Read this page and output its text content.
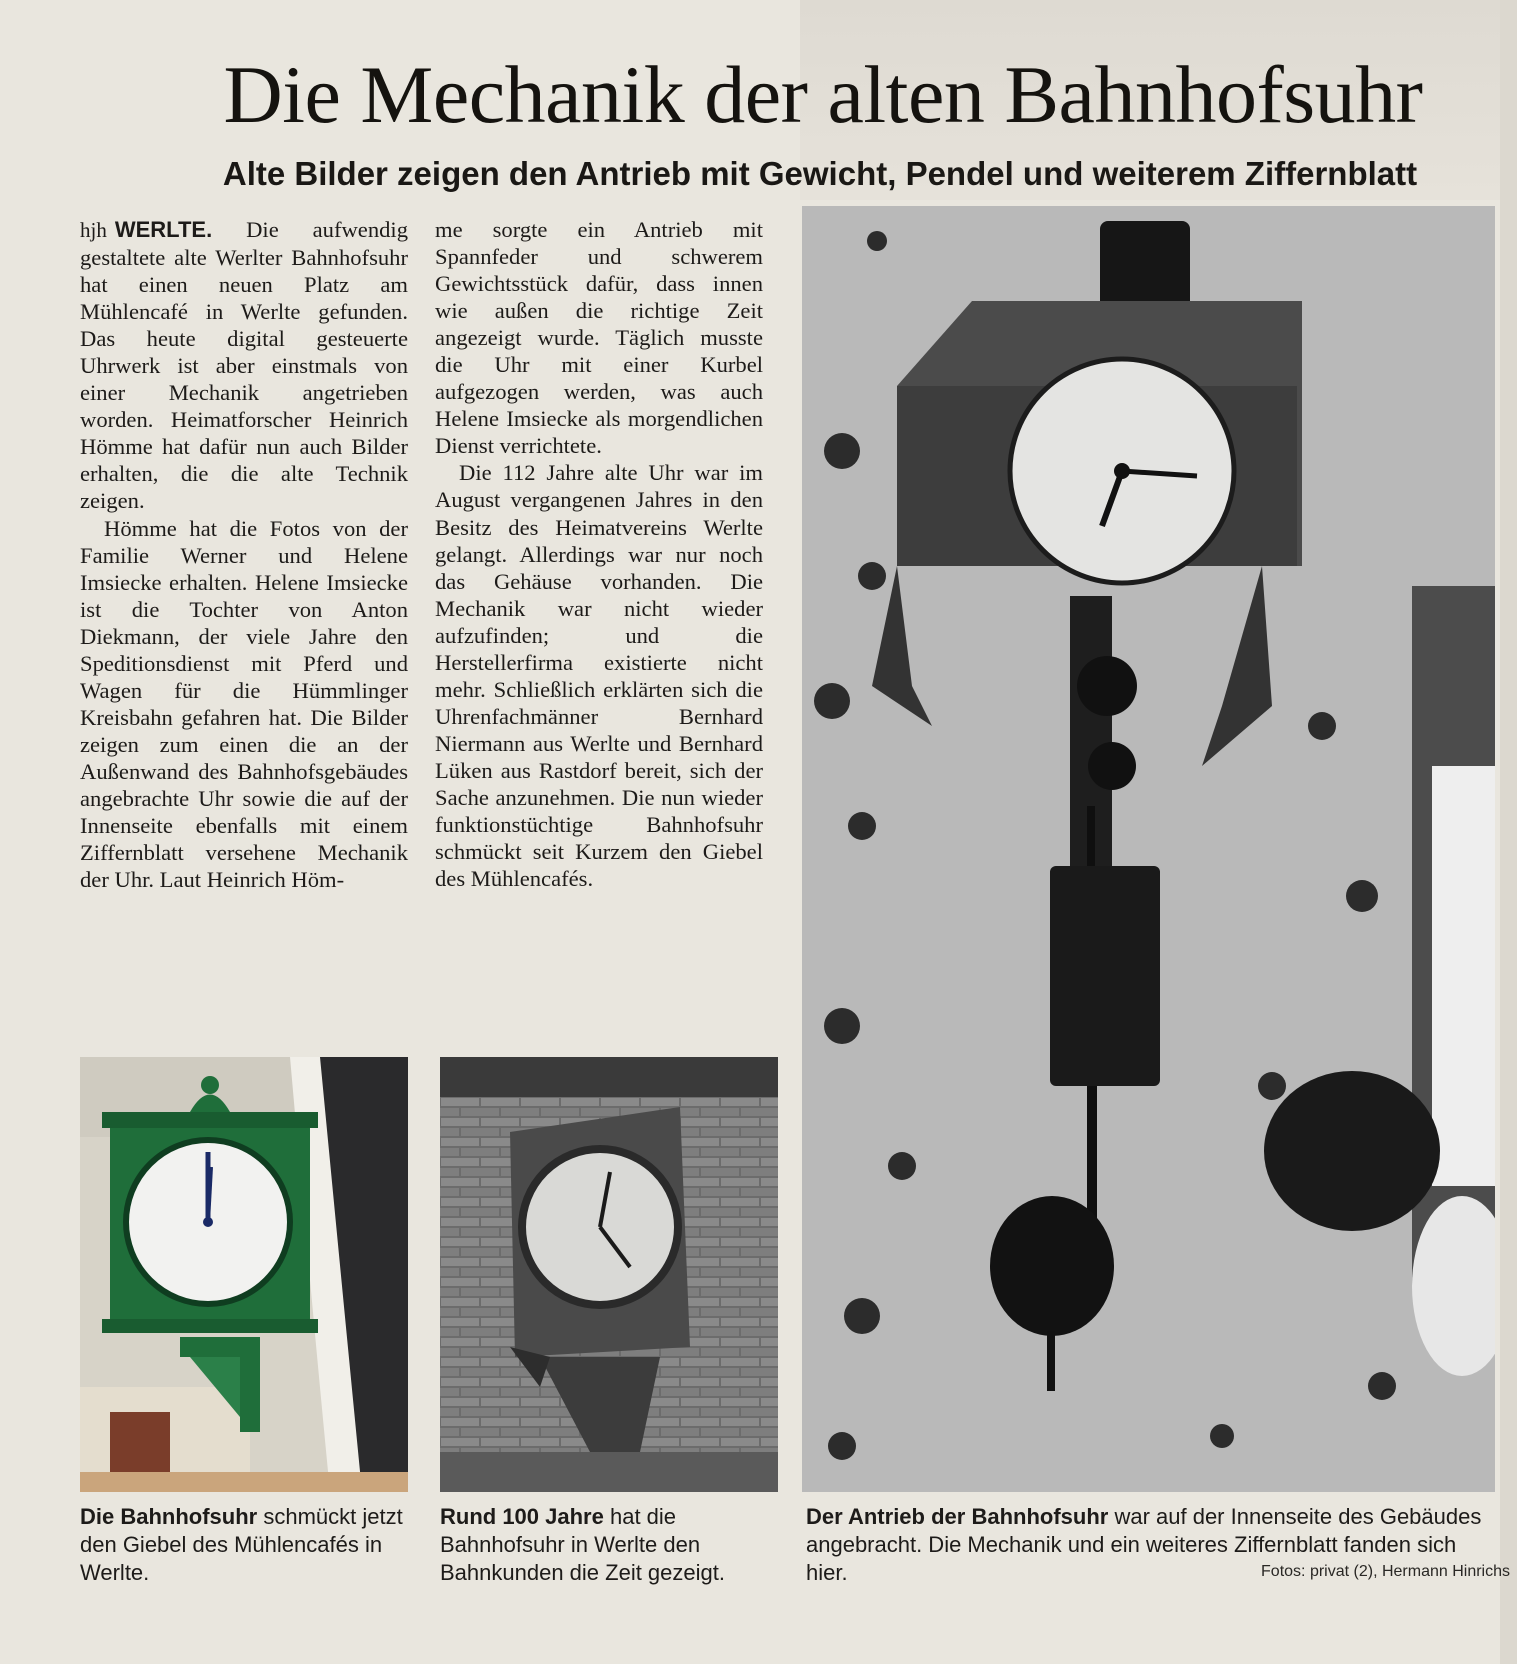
Die Mechanik der alten Bahnhofsuhr
Alte Bilder zeigen den Antrieb mit Gewicht, Pendel und weiterem Ziffernblatt

hjh WERLTE. Die aufwendig gestaltete alte Werlter Bahnhofsuhr hat einen neuen Platz am Mühlencafé in Werlte gefunden. Das heute digital gesteuerte Uhrwerk ist aber einstmals von einer Mechanik angetrieben worden. Heimatforscher Heinrich Hömme hat dafür nun auch Bilder erhalten, die die alte Technik zeigen.

Hömme hat die Fotos von der Familie Werner und Helene Imsiecke erhalten. Helene Imsiecke ist die Tochter von Anton Diekmann, der viele Jahre den Speditionsdienst mit Pferd und Wagen für die Hümmlinger Kreisbahn gefahren hat. Die Bilder zeigen zum einen die an der Außenwand des Bahnhofsgebäudes angebrachte Uhr sowie die auf der Innenseite ebenfalls mit einem Ziffernblatt versehene Mechanik der Uhr. Laut Heinrich Höm-

me sorgte ein Antrieb mit Spannfeder und schwerem Gewichtsstück dafür, dass innen wie außen die richtige Zeit angezeigt wurde. Täglich musste die Uhr mit einer Kurbel aufgezogen werden, was auch Helene Imsiecke als morgendlichen Dienst verrichtete.

Die 112 Jahre alte Uhr war im August vergangenen Jahres in den Besitz des Heimatvereins Werlte gelangt. Allerdings war nur noch das Gehäuse vorhanden. Die Mechanik war nicht wieder aufzufinden; und die Herstellerfirma existierte nicht mehr. Schließlich erklärten sich die Uhrenfachmänner Bernhard Niermann aus Werlte und Bernhard Lüken aus Rastdorf bereit, sich der Sache anzunehmen. Die nun wieder funktionstüchtige Bahnhofsuhr schmückt seit Kurzem den Giebel des Mühlencafés.

Die Bahnhofsuhr schmückt jetzt den Giebel des Mühlencafés in Werlte.
Rund 100 Jahre hat die Bahnhofsuhr in Werlte den Bahnkunden die Zeit gezeigt.
Der Antrieb der Bahnhofsuhr war auf der Innenseite des Gebäudes angebracht. Die Mechanik und ein weiteres Ziffernblatt fanden sich hier.	Fotos: privat (2), Hermann Hinrichs
